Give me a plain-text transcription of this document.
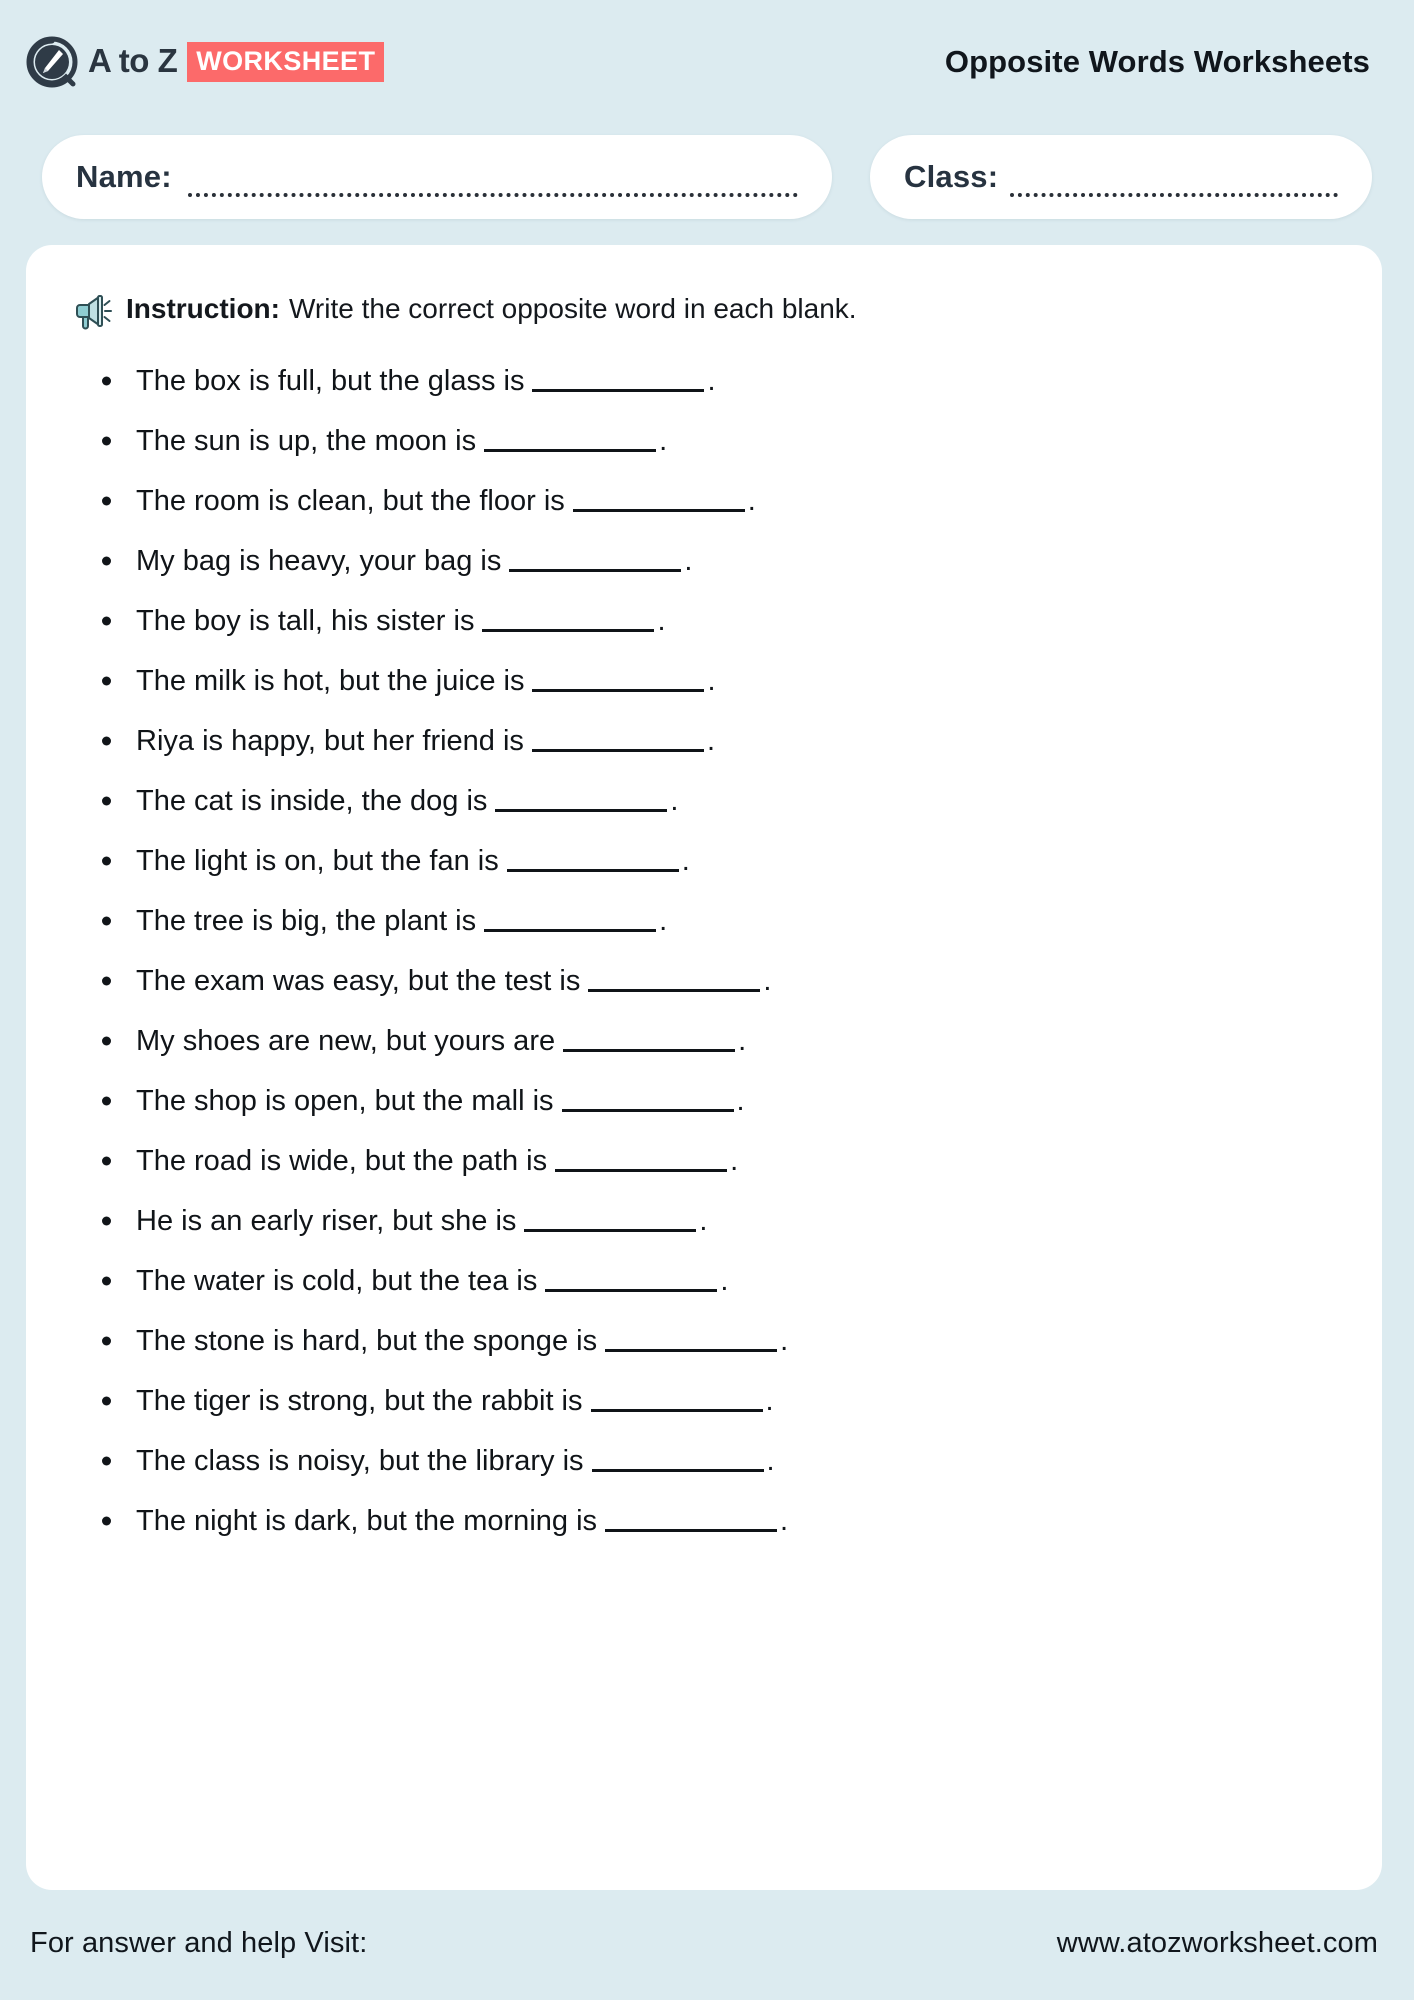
A to Z WORKSHEET	Opposite Words Worksheets
Name:	Class:
Instruction: Write the correct opposite word in each blank.
The box is full, but the glass is	.
The sun is up, the moon is	.
The room is clean, but the floor is	.
My bag is heavy, your bag is	.
The boy is tall, his sister is	.
The milk is hot, but the juice is	.
Riya is happy, but her friend is	.
The cat is inside, the dog is	.
The light is on, but the fan is	.
The tree is big, the plant is	.
The exam was easy, but the test is	.
My shoes are new, but yours are	.
The shop is open, but the mall is	.
The road is wide, but the path is	.
He is an early riser, but she is	.
The water is cold, but the tea is	.
The stone is hard, but the sponge is	.
The tiger is strong, but the rabbit is	.
The class is noisy, but the library is	.
The night is dark, but the morning is	.
For answer and help Visit:	www.atozworksheet.com
